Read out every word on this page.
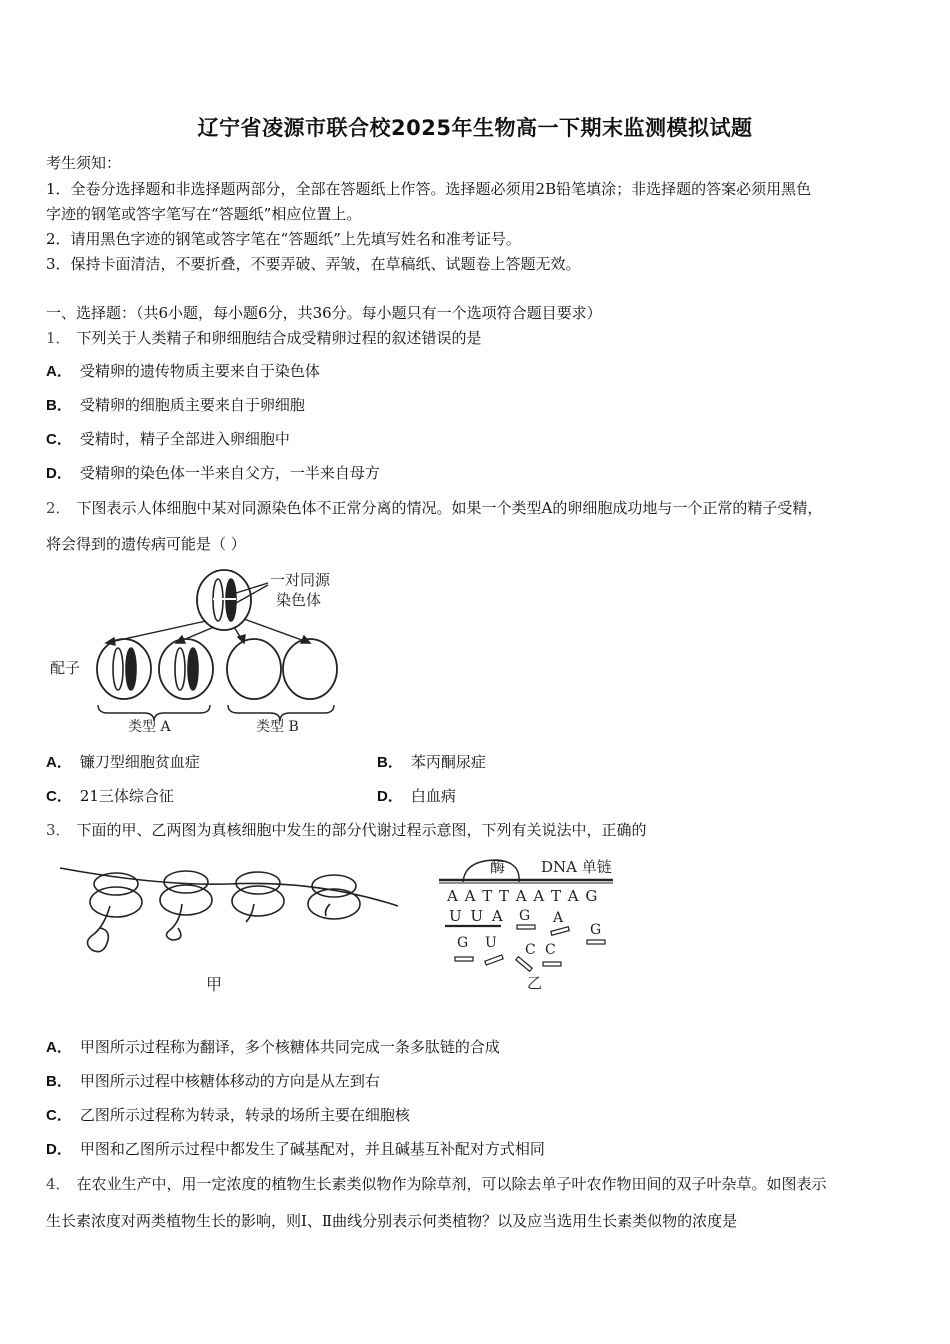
辽宁省凌源市联合校2025年生物高一下期末监测模拟试题
考生须知：
1．全卷分选择题和非选择题两部分，全部在答题纸上作答。选择题必须用2B铅笔填涂；非选择题的答案必须用黑色
字迹的钢笔或答字笔写在“答题纸”相应位置上。
2．请用黑色字迹的钢笔或答字笔在“答题纸”上先填写姓名和准考证号。
3．保持卡面清洁，不要折叠，不要弄破、弄皱，在草稿纸、试题卷上答题无效。
一、选择题：（共6小题，每小题6分，共36分。每小题只有一个选项符合题目要求）
1． 下列关于人类精子和卵细胞结合成受精卵过程的叙述错误的是
A． 受精卵的遗传物质主要来自于染色体
B． 受精卵的细胞质主要来自于卵细胞
C． 受精时，精子全部进入卵细胞中
D． 受精卵的染色体一半来自父方，一半来自母方
2． 下图表示人体细胞中某对同源染色体不正常分离的情况。如果一个类型A的卵细胞成功地与一个正常的精子受精，
将会得到的遗传病可能是（ ）
一对同源
染色体
配子
类型 A	类型 B
A． 镰刀型细胞贫血症	B． 苯丙酮尿症
C． 21三体综合征	D． 白血病
3． 下面的甲、乙两图为真核细胞中发生的部分代谢过程示意图，下列有关说法中，正确的
甲
酶 DNA 单链
A A T T A A T A G
U U A G A
G
G U C C
乙
A． 甲图所示过程称为翻译，多个核糖体共同完成一条多肽链的合成
B． 甲图所示过程中核糖体移动的方向是从左到右
C． 乙图所示过程称为转录，转录的场所主要在细胞核
D． 甲图和乙图所示过程中都发生了碱基配对，并且碱基互补配对方式相同
4． 在农业生产中，用一定浓度的植物生长素类似物作为除草剂，可以除去单子叶农作物田间的双子叶杂草。如图表示
生长素浓度对两类植物生长的影响，则Ⅰ、Ⅱ曲线分别表示何类植物？以及应当选用生长素类似物的浓度是
